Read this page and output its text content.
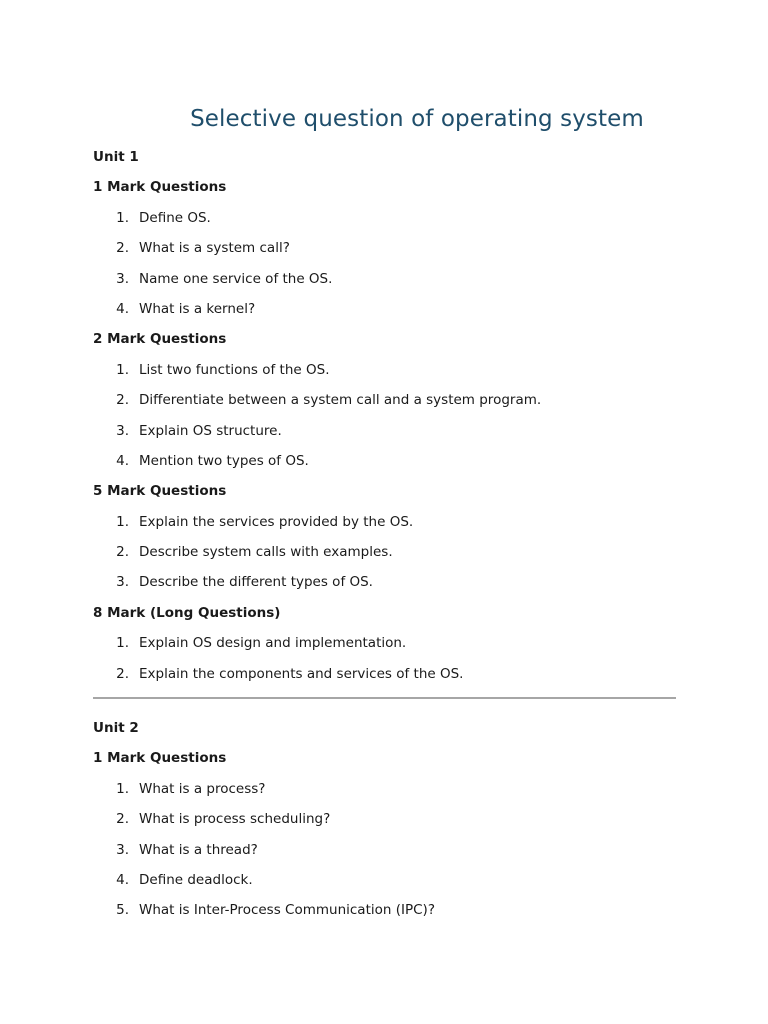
Selective question of operating system
Unit 1
1 Mark Questions
1. Define OS.
2. What is a system call?
3. Name one service of the OS.
4. What is a kernel?
2 Mark Questions
1. List two functions of the OS.
2. Differentiate between a system call and a system program.
3. Explain OS structure.
4. Mention two types of OS.
5 Mark Questions
1. Explain the services provided by the OS.
2. Describe system calls with examples.
3. Describe the different types of OS.
8 Mark (Long Questions)
1. Explain OS design and implementation.
2. Explain the components and services of the OS.
Unit 2
1 Mark Questions
1. What is a process?
2. What is process scheduling?
3. What is a thread?
4. Define deadlock.
5. What is Inter-Process Communication (IPC)?
